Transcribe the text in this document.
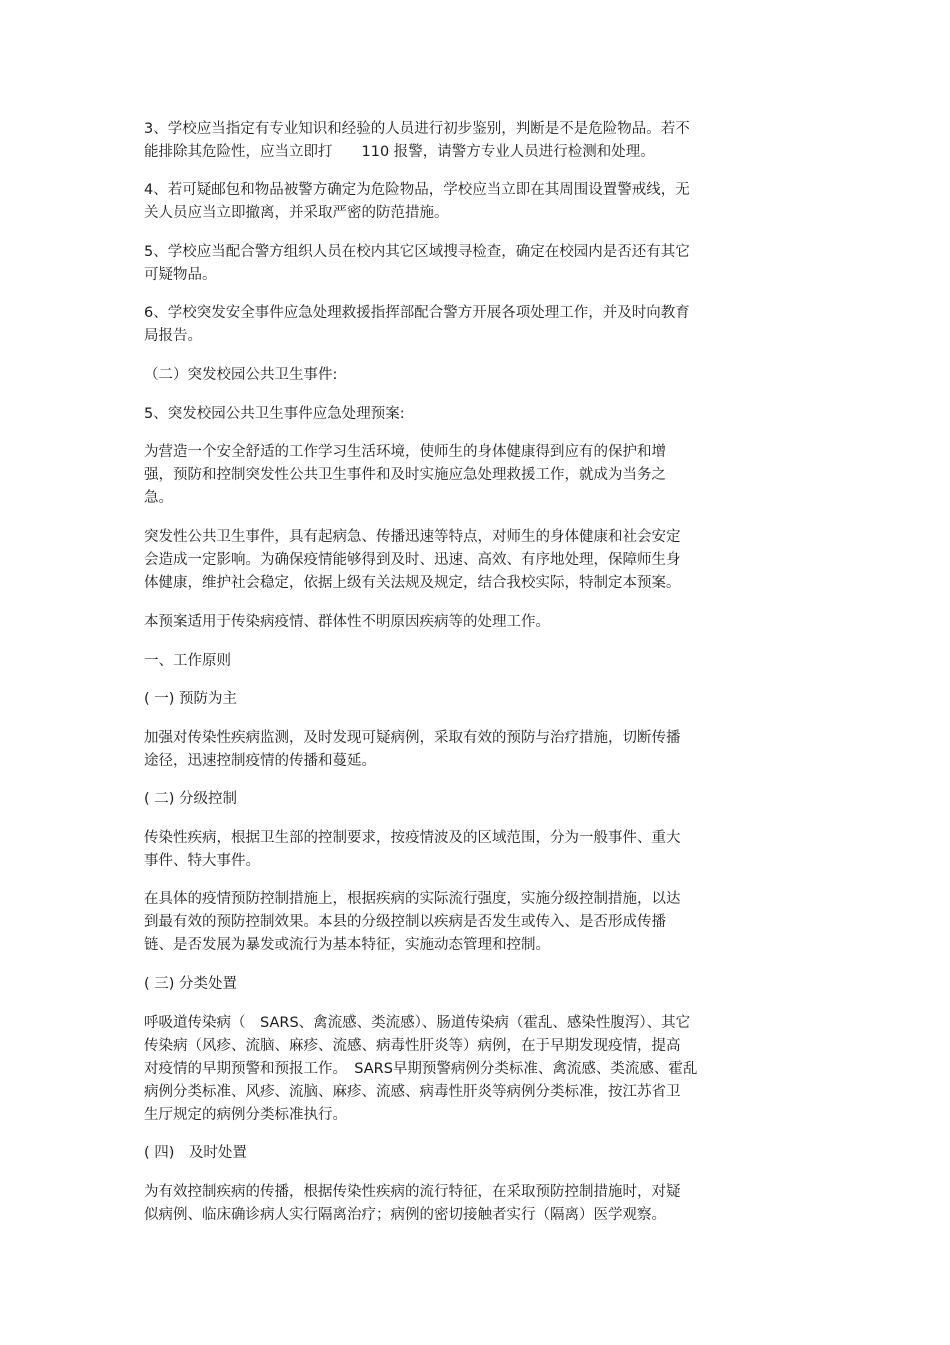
3、学校应当指定有专业知识和经验的人员进行初步鉴别，判断是不是危险物品。若不
能排除其危险性，应当立即打　　110 报警，请警方专业人员进行检测和处理。
4、若可疑邮包和物品被警方确定为危险物品，学校应当立即在其周围设置警戒线，无
关人员应当立即撤离，并采取严密的防范措施。
5、学校应当配合警方组织人员在校内其它区域搜寻检查，确定在校园内是否还有其它
可疑物品。
6、学校突发安全事件应急处理救援指挥部配合警方开展各项处理工作，并及时向教育
局报告。
（二）突发校园公共卫生事件:
5、突发校园公共卫生事件应急处理预案:
为营造一个安全舒适的工作学习生活环境，使师生的身体健康得到应有的保护和增
强，预防和控制突发性公共卫生事件和及时实施应急处理救援工作，就成为当务之
急。
突发性公共卫生事件，具有起病急、传播迅速等特点，对师生的身体健康和社会安定
会造成一定影响。为确保疫情能够得到及时、迅速、高效、有序地处理，保障师生身
体健康，维护社会稳定，依据上级有关法规及规定，结合我校实际，特制定本预案。
本预案适用于传染病疫情、群体性不明原因疾病等的处理工作。
一、工作原则
( 一) 预防为主
加强对传染性疾病监测，及时发现可疑病例，采取有效的预防与治疗措施，切断传播
途径，迅速控制疫情的传播和蔓延。
( 二) 分级控制
传染性疾病，根据卫生部的控制要求，按疫情波及的区域范围，分为一般事件、重大
事件、特大事件。
在具体的疫情预防控制措施上，根据疾病的实际流行强度，实施分级控制措施，以达
到最有效的预防控制效果。本县的分级控制以疾病是否发生或传入、是否形成传播
链、是否发展为暴发或流行为基本特征，实施动态管理和控制。
( 三) 分类处置
呼吸道传染病（　SARS、禽流感、类流感）、肠道传染病（霍乱、感染性腹泻）、其它
传染病（风疹、流脑、麻疹、流感、病毒性肝炎等）病例，在于早期发现疫情，提高
对疫情的早期预警和预报工作。　SARS早期预警病例分类标准、禽流感、类流感、霍乱
病例分类标准、风疹、流脑、麻疹、流感、病毒性肝炎等病例分类标准，按江苏省卫
生厅规定的病例分类标准执行。
( 四)　及时处置
为有效控制疾病的传播，根据传染性疾病的流行特征，在采取预防控制措施时，对疑
似病例、临床确诊病人实行隔离治疗；病例的密切接触者实行（隔离）医学观察。
